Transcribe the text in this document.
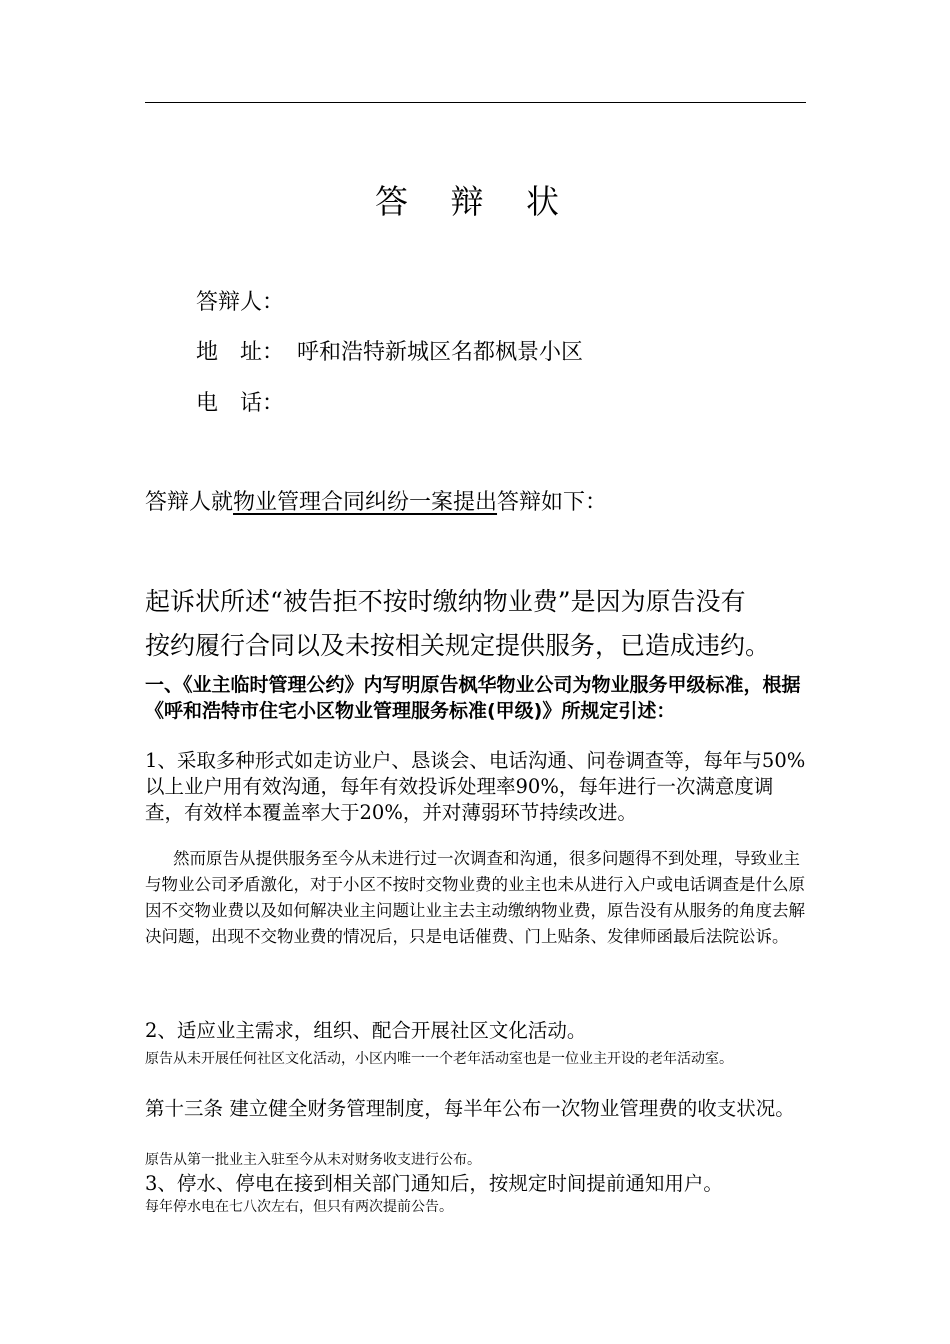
答 辩 状
答辩人：
地　址： 呼和浩特新城区名都枫景小区
电　话：
答辩人就物业管理合同纠纷一案提出答辩如下：
起诉状所述“被告拒不按时缴纳物业费”是因为原告没有
按约履行合同以及未按相关规定提供服务，已造成违约。
一、《业主临时管理公约》内写明原告枫华物业公司为物业服务甲级标准，根据《呼和浩特市住宅小区物业管理服务标准(甲级)》所规定引述：
1、采取多种形式如走访业户、恳谈会、电话沟通、问卷调查等，每年与50%以上业户用有效沟通，每年有效投诉处理率90%，每年进行一次满意度调查，有效样本覆盖率大于20%，并对薄弱环节持续改进。
然而原告从提供服务至今从未进行过一次调查和沟通，很多问题得不到处理，导致业主与物业公司矛盾激化，对于小区不按时交物业费的业主也未从进行入户或电话调查是什么原因不交物业费以及如何解决业主问题让业主去主动缴纳物业费，原告没有从服务的角度去解决问题，出现不交物业费的情况后，只是电话催费、门上贴条、发律师函最后法院讼诉。
2、适应业主需求，组织、配合开展社区文化活动。
原告从未开展任何社区文化活动，小区内唯一一个老年活动室也是一位业主开设的老年活动室。
第十三条 建立健全财务管理制度，每半年公布一次物业管理费的收支状况。
原告从第一批业主入驻至今从未对财务收支进行公布。
3、停水、停电在接到相关部门通知后，按规定时间提前通知用户。
每年停水电在七八次左右，但只有两次提前公告。
